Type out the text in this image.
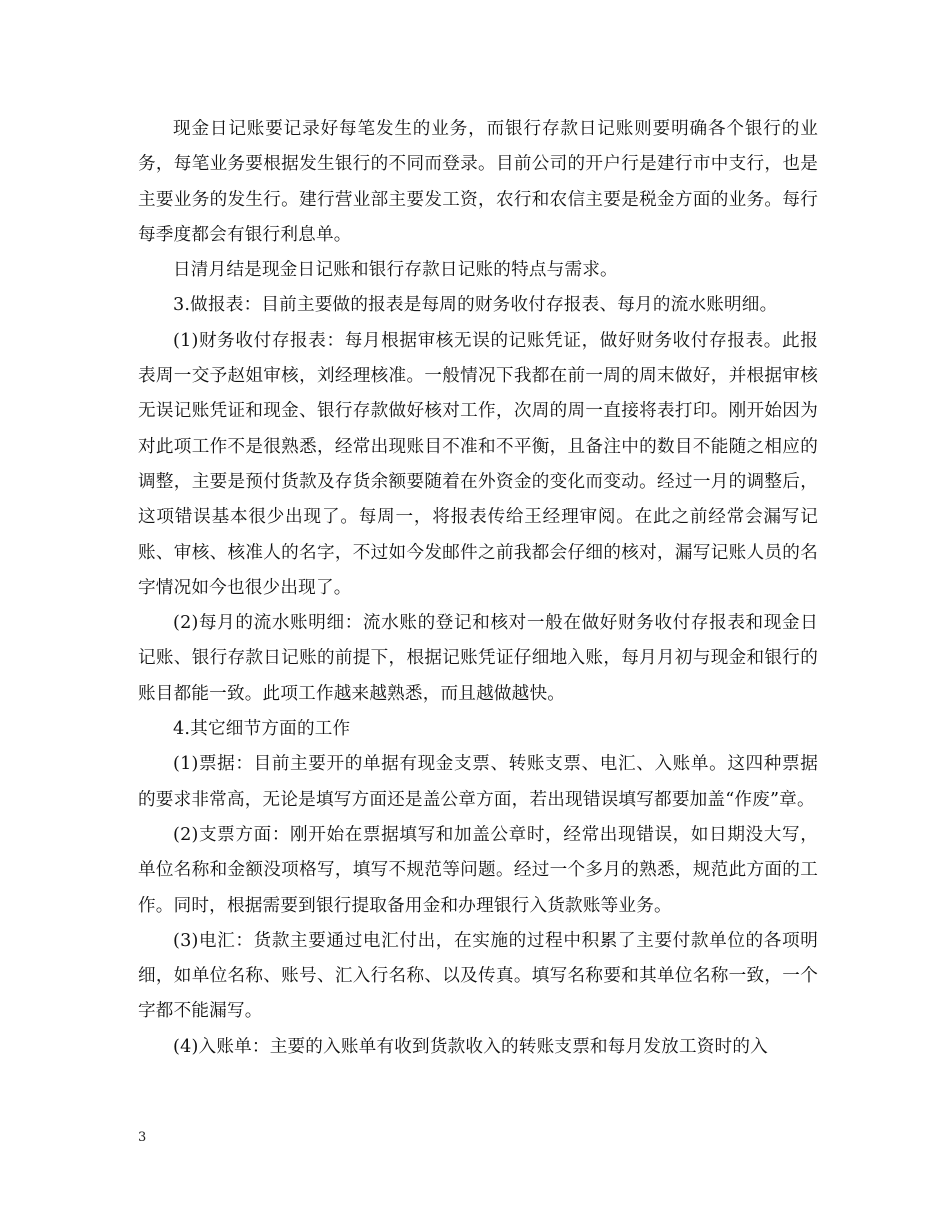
现金日记账要记录好每笔发生的业务，而银行存款日记账则要明确各个银行的业务，每笔业务要根据发生银行的不同而登录。目前公司的开户行是建行市中支行，也是主要业务的发生行。建行营业部主要发工资，农行和农信主要是税金方面的业务。每行每季度都会有银行利息单。

日清月结是现金日记账和银行存款日记账的特点与需求。

3.做报表：目前主要做的报表是每周的财务收付存报表、每月的流水账明细。

(1)财务收付存报表：每月根据审核无误的记账凭证，做好财务收付存报表。此报表周一交予赵姐审核，刘经理核准。一般情况下我都在前一周的周末做好，并根据审核无误记账凭证和现金、银行存款做好核对工作，次周的周一直接将表打印。刚开始因为对此项工作不是很熟悉，经常出现账目不准和不平衡，且备注中的数目不能随之相应的调整，主要是预付货款及存货余额要随着在外资金的变化而变动。经过一月的调整后，这项错误基本很少出现了。每周一，将报表传给王经理审阅。在此之前经常会漏写记账、审核、核准人的名字，不过如今发邮件之前我都会仔细的核对，漏写记账人员的名字情况如今也很少出现了。

(2)每月的流水账明细：流水账的登记和核对一般在做好财务收付存报表和现金日记账、银行存款日记账的前提下，根据记账凭证仔细地入账，每月月初与现金和银行的账目都能一致。此项工作越来越熟悉，而且越做越快。

4.其它细节方面的工作

(1)票据：目前主要开的单据有现金支票、转账支票、电汇、入账单。这四种票据的要求非常高，无论是填写方面还是盖公章方面，若出现错误填写都要加盖“作废”章。

(2)支票方面：刚开始在票据填写和加盖公章时，经常出现错误，如日期没大写，单位名称和金额没项格写，填写不规范等问题。经过一个多月的熟悉，规范此方面的工作。同时，根据需要到银行提取备用金和办理银行入货款账等业务。

(3)电汇：货款主要通过电汇付出，在实施的过程中积累了主要付款单位的各项明细，如单位名称、账号、汇入行名称、以及传真。填写名称要和其单位名称一致，一个字都不能漏写。

(4)入账单：主要的入账单有收到货款收入的转账支票和每月发放工资时的入

3
